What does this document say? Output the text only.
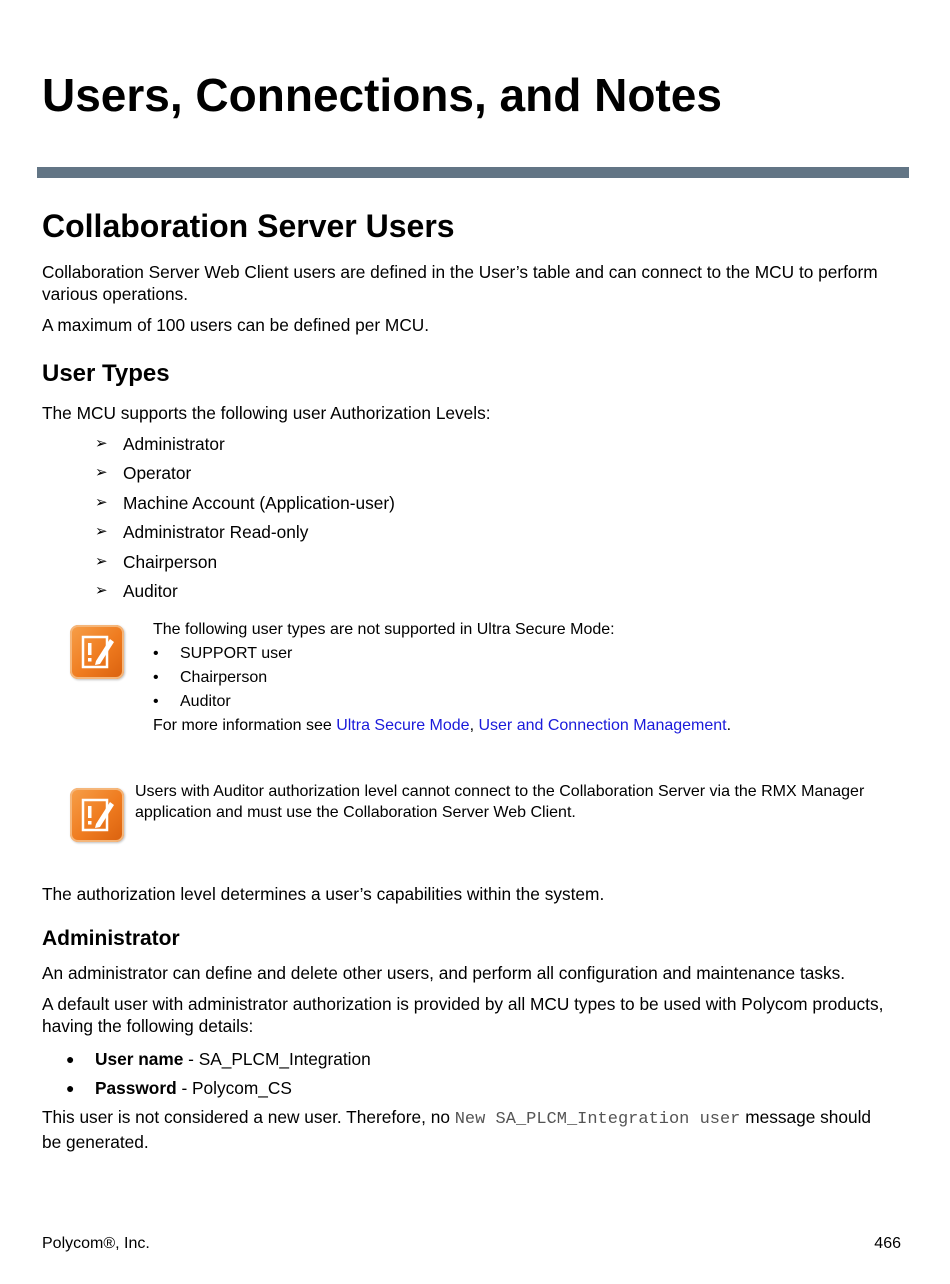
Users, Connections, and Notes
Collaboration Server Users

Collaboration Server Web Client users are defined in the User’s table and can connect to the MCU to perform various operations.

A maximum of 100 users can be defined per MCU.

User Types

The MCU supports the following user Authorization Levels:

➢ Administrator
➢ Operator
➢ Machine Account (Application-user)
➢ Administrator Read-only
➢ Chairperson
➢ Auditor
The following user types are not supported in Ultra Secure Mode:
•	SUPPORT user
•	Chairperson
•	Auditor
For more information see Ultra Secure Mode, User and Connection Management.
Users with Auditor authorization level cannot connect to the Collaboration Server via the RMX Manager application and must use the Collaboration Server Web Client.

The authorization level determines a user’s capabilities within the system.

Administrator

An administrator can define and delete other users, and perform all configuration and maintenance tasks.

A default user with administrator authorization is provided by all MCU types to be used with Polycom products, having the following details:

●	User name - SA_PLCM_Integration
●	Password - Polycom_CS

This user is not considered a new user. Therefore, no New SA_PLCM_Integration user message should be generated.

Polycom®, Inc.	466
